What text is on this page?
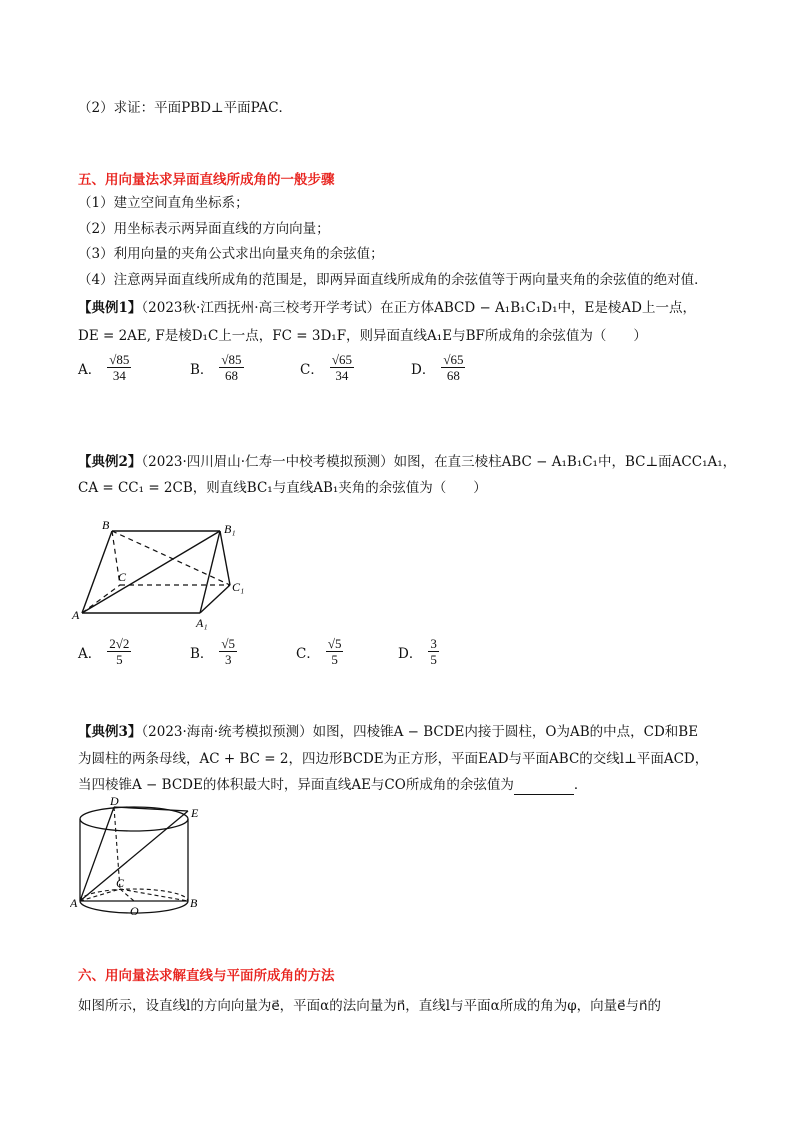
（2）求证：平面PBD⊥平面PAC．
五、用向量法求异面直线所成角的一般步骤
（1）建立空间直角坐标系；
（2）用坐标表示两异面直线的方向向量；
（3）利用向量的夹角公式求出向量夹角的余弦值；
（4）注意两异面直线所成角的范围是，即两异面直线所成角的余弦值等于两向量夹角的余弦值的绝对值．
【典例1】（2023秋·江西抚州·高三校考开学考试）在正方体ABCD − A₁B₁C₁D₁中，E是棱AD上一点，
DE = 2AE, F是棱D₁C上一点，FC = 3D₁F，则异面直线A₁E与BF所成角的余弦值为（　　）
A． $\frac{√85}{34}$	B． $\frac{√85}{68}$	C． $\frac{√65}{34}$	D． $\frac{√65}{68}$
【典例2】（2023·四川眉山·仁寿一中校考模拟预测）如图，在直三棱柱ABC − A₁B₁C₁中，BC⊥面ACC₁A₁，
CA = CC₁ = 2CB，则直线BC₁与直线AB₁夹角的余弦值为（　　）
B	B₁
C
C₁
A
A₁
A． $\frac{2√2}{5}$	B． $\frac{√5}{3}$	C． $\frac{√5}{5}$	D． $\frac{3}{5}$
【典例3】（2023·海南·统考模拟预测）如图，四棱锥A − BCDE内接于圆柱，O为AB的中点，CD和BE
为圆柱的两条母线，AC + BC = 2，四边形BCDE为正方形，平面EAD与平面ABC的交线l⊥平面ACD，
当四棱锥A − BCDE的体积最大时，异面直线AE与CO所成角的余弦值为	．
D
E
C
A
O
B
六、用向量法求解直线与平面所成角的方法
如图所示，设直线l的方向向量为e⃗，平面α的法向量为n⃗，直线l与平面α所成的角为φ，向量e⃗与n⃗的
